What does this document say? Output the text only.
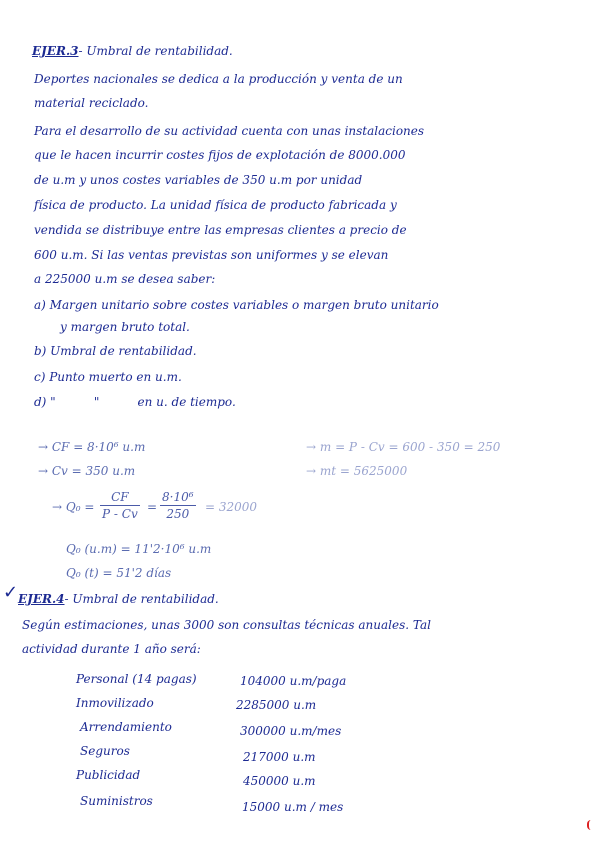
EJER.3- Umbral de rentabilidad.
Deportes nacionales se dedica a la producción y venta de un
material reciclado.
Para el desarrollo de su actividad cuenta con unas instalaciones
que le hacen incurrir costes fijos de explotación de 8000.000
de u.m y unos costes variables de 350 u.m por unidad
física de producto. La unidad física de producto fabricada y
vendida se distribuye entre las empresas clientes a precio de
600 u.m. Si las ventas previstas son uniformes y se elevan
a 225000 u.m se desea saber:
a) Margen unitario sobre costes variables o margen bruto unitario
y margen bruto total.
b) Umbral de rentabilidad.
c) Punto muerto en u.m.
d) "          "          en u. de tiempo.
→ CF = 8·10⁶ u.m
→ Cv = 350 u.m
→ m = P - Cv = 600 - 350 = 250
→ mt = 5625000
→ Q₀ =
CF
P - Cv =
8·10⁶
250	= 32000
Q₀ (u.m) = 11'2·10⁶ u.m
Q₀ (t) = 51'2 días
✓ EJER.4- Umbral de rentabilidad.
Según estimaciones, unas 3000 son consultas técnicas anuales. Tal
actividad durante 1 año será:
Personal (14 pagas)	104000 u.m/paga
Inmovilizado	2285000 u.m
Arrendamiento	300000 u.m/mes
Seguros	217000 u.m
Publicidad	450000 u.m
Suministros	15000 u.m / mes
